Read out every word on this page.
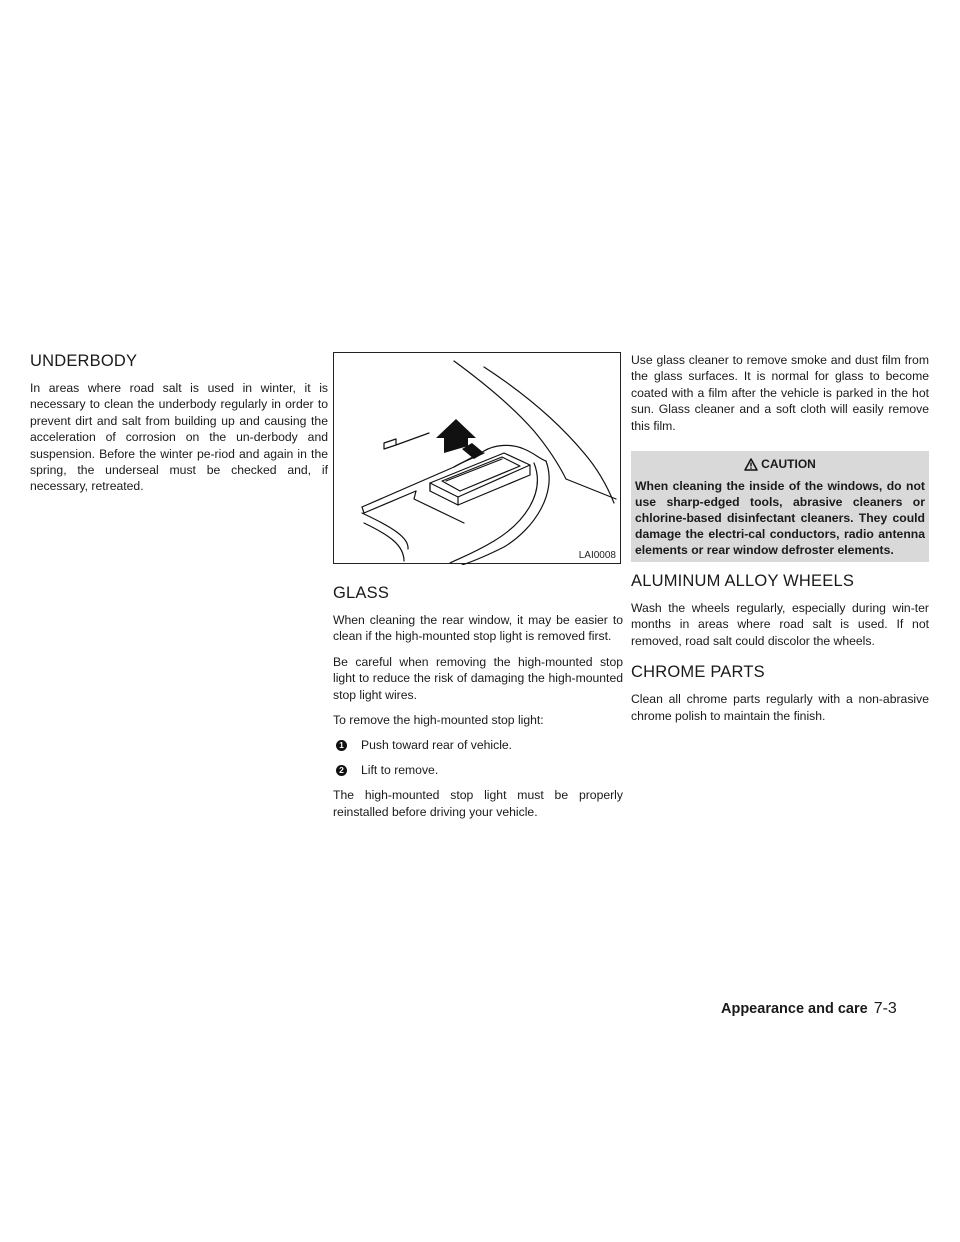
UNDERBODY

In areas where road salt is used in winter, it is necessary to clean the underbody regularly in order to prevent dirt and salt from building up and causing the acceleration of corrosion on the un-derbody and suspension. Before the winter pe-riod and again in the spring, the underseal must be checked and, if necessary, retreated.

LAI0008
GLASS

When cleaning the rear window, it may be easier to clean if the high-mounted stop light is removed first.

Be careful when removing the high-mounted stop light to reduce the risk of damaging the high-mounted stop light wires.

To remove the high-mounted stop light:

1 Push toward rear of vehicle.
2 Lift to remove.

The high-mounted stop light must be properly reinstalled before driving your vehicle.

Use glass cleaner to remove smoke and dust film from the glass surfaces. It is normal for glass to become coated with a film after the vehicle is parked in the hot sun. Glass cleaner and a soft cloth will easily remove this film.

CAUTION
When cleaning the inside of the windows, do not use sharp-edged tools, abrasive cleaners or chlorine-based disinfectant cleaners. They could damage the electri-cal conductors, radio antenna elements or rear window defroster elements.
ALUMINUM ALLOY WHEELS

Wash the wheels regularly, especially during win-ter months in areas where road salt is used. If not removed, road salt could discolor the wheels.

CHROME PARTS

Clean all chrome parts regularly with a non-abrasive chrome polish to maintain the finish.

Appearance and care 7-3
